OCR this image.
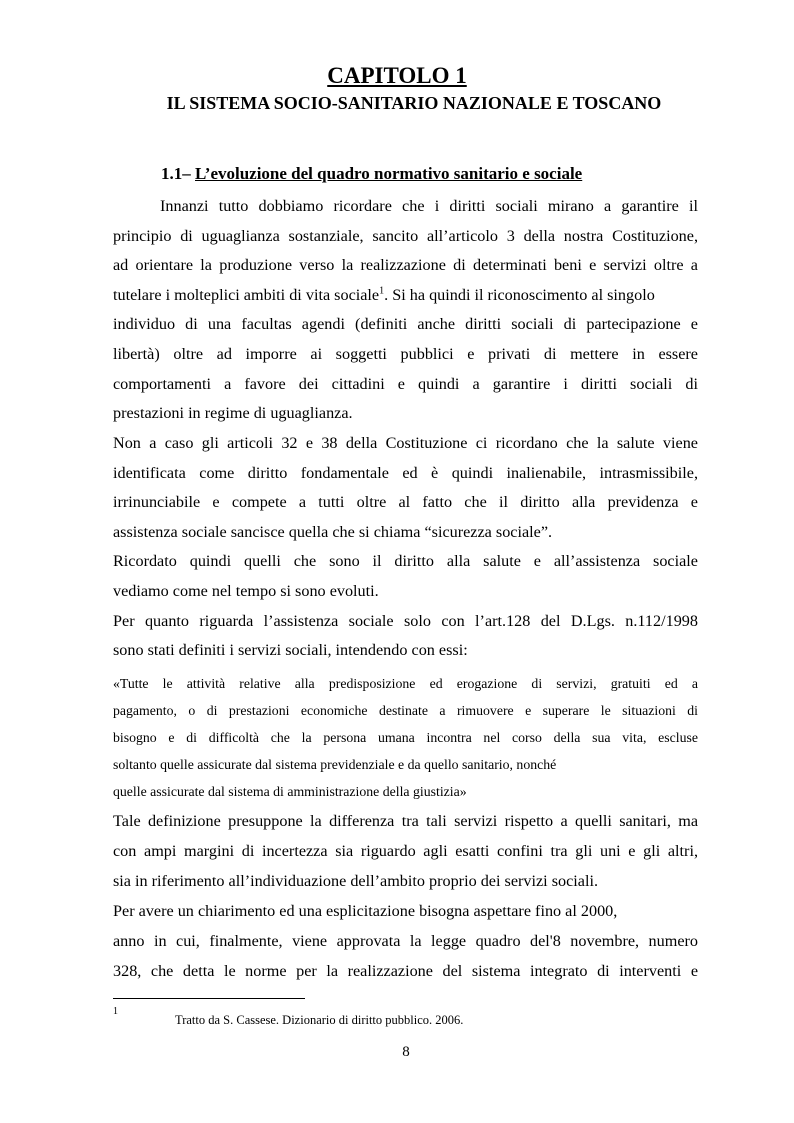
CAPITOLO 1
IL SISTEMA SOCIO-SANITARIO NAZIONALE E TOSCANO
1.1– L’evoluzione del quadro normativo sanitario e sociale
Innanzi tutto dobbiamo ricordare che i diritti sociali mirano a garantire il
principio di uguaglianza sostanziale, sancito all’articolo 3 della nostra Costituzione,
ad orientare la produzione verso la realizzazione di determinati beni e servizi oltre a
tutelare i molteplici ambiti di vita sociale$^1$. Si ha quindi il riconoscimento al singolo
individuo di una facultas agendi (definiti anche diritti sociali di partecipazione e
libertà) oltre ad imporre ai soggetti pubblici e privati di mettere in essere
comportamenti a favore dei cittadini e quindi a garantire i diritti sociali di
prestazioni in regime di uguaglianza.
Non a caso gli articoli 32 e 38 della Costituzione ci ricordano che la salute viene
identificata come diritto fondamentale ed è quindi inalienabile, intrasmissibile,
irrinunciabile e compete a tutti oltre al fatto che il diritto alla previdenza e
assistenza sociale sancisce quella che si chiama “sicurezza sociale”.
Ricordato quindi quelli che sono il diritto alla salute e all’assistenza sociale
vediamo come nel tempo si sono evoluti.
Per quanto riguarda l’assistenza sociale solo con l’art.128 del D.Lgs. n.112/1998
sono stati definiti i servizi sociali, intendendo con essi:
«Tutte le attività relative alla predisposizione ed erogazione di servizi, gratuiti ed a
pagamento, o di prestazioni economiche destinate a rimuovere e superare le situazioni di
bisogno e di difficoltà che la persona umana incontra nel corso della sua vita, escluse
soltanto quelle assicurate dal sistema previdenziale e da quello sanitario, nonché
quelle assicurate dal sistema di amministrazione della giustizia»
Tale definizione presuppone la differenza tra tali servizi rispetto a quelli sanitari, ma
con ampi margini di incertezza sia riguardo agli esatti confini tra gli uni e gli altri,
sia in riferimento all’individuazione dell’ambito proprio dei servizi sociali.
Per avere un chiarimento ed una esplicitazione bisogna aspettare fino al 2000,
anno in cui, finalmente, viene approvata la legge quadro del'8 novembre, numero
328, che detta le norme per la realizzazione del sistema integrato di interventi e
1
Tratto da S. Cassese. Dizionario di diritto pubblico. 2006.
8
